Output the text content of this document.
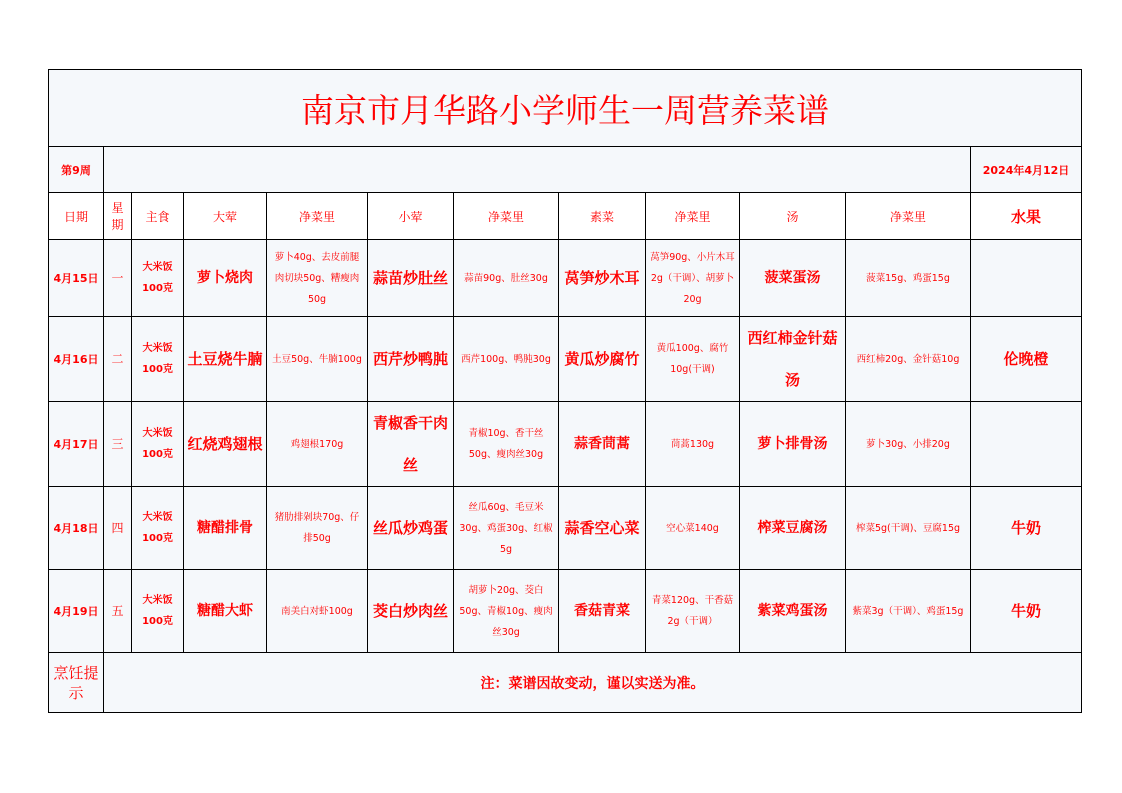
南京市月华路小学师生一周营养菜谱											
第9周											2024年4月12日
日期	星期	主食	大荤	净菜里	小荤	净菜里	素菜	净菜里	汤	净菜里	水果
4月15日	一	大米饭100克	萝卜烧肉	萝卜40g、去皮前腿肉切块50g、糟瘦肉50g	蒜苗炒肚丝	蒜苗90g、肚丝30g	莴笋炒木耳	莴笋90g、小片木耳2g（干调）、胡萝卜20g	菠菜蛋汤	菠菜15g、鸡蛋15g	
4月16日	二	大米饭100克	土豆烧牛腩	土豆50g、牛腩100g	西芹炒鸭肫	西芹100g、鸭肫30g	黄瓜炒腐竹	黄瓜100g、腐竹10g(干调)	西红柿金针菇汤	西红柿20g、金针菇10g	伦晚橙
4月17日	三	大米饭100克	红烧鸡翅根	鸡翅根170g	青椒香干肉丝	青椒10g、香干丝50g、瘦肉丝30g	蒜香茼蒿	茼蒿130g	萝卜排骨汤	萝卜30g、小排20g	
4月18日	四	大米饭100克	糖醋排骨	猪肋排剁块70g、仔排50g	丝瓜炒鸡蛋	丝瓜60g、毛豆米30g、鸡蛋30g、红椒5g	蒜香空心菜	空心菜140g	榨菜豆腐汤	榨菜5g(干调)、豆腐15g	牛奶
4月19日	五	大米饭100克	糖醋大虾	南美白对虾100g	茭白炒肉丝	胡萝卜20g、茭白50g、青椒10g、瘦肉丝30g	香菇青菜	青菜120g、干香菇2g（干调）	紫菜鸡蛋汤	紫菜3g（干调）、鸡蛋15g	牛奶
烹饪提示	注：菜谱因故变动，谨以实送为准。										
